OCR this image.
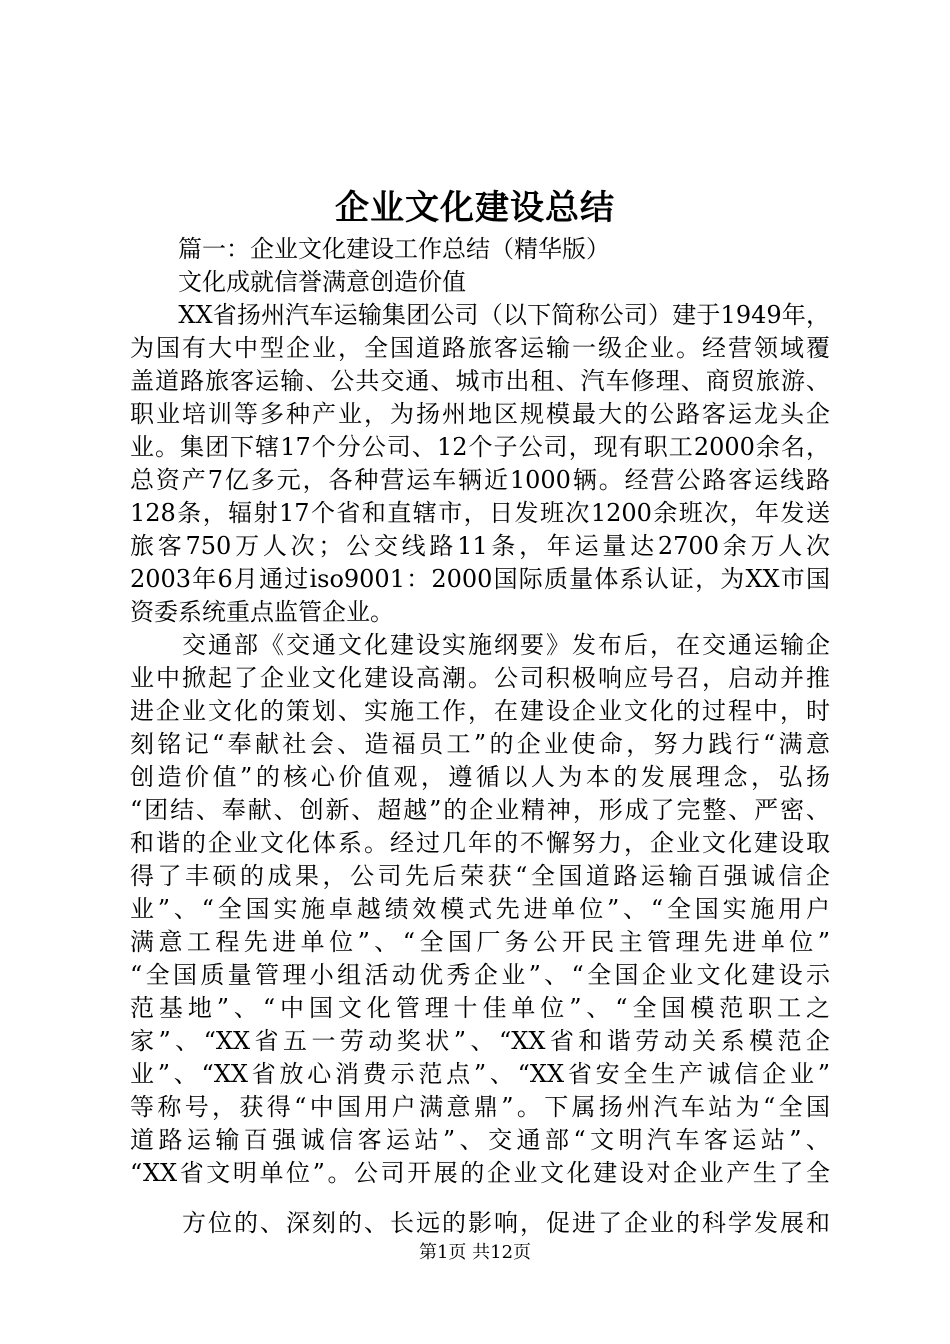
企业文化建设总结
　　篇一：企业文化建设工作总结（精华版）
　　文化成就信誉满意创造价值
　　XX省扬州汽车运输集团公司（以下简称公司）建于1949年，
为国有大中型企业，全国道路旅客运输一级企业。经营领域覆
盖道路旅客运输、公共交通、城市出租、汽车修理、商贸旅游、
职业培训等多种产业，为扬州地区规模最大的公路客运龙头企
业。集团下辖17个分公司、12个子公司，现有职工2000余名，
总资产7亿多元，各种营运车辆近1000辆。经营公路客运线路
128条，辐射17个省和直辖市，日发班次1200余班次，年发送
旅客750万人次；公交线路11条，年运量达2700余万人次
2003年6月通过iso9001：2000国际质量体系认证，为XX市国
资委系统重点监管企业。
　　交通部《交通文化建设实施纲要》发布后，在交通运输企
业中掀起了企业文化建设高潮。公司积极响应号召，启动并推
进企业文化的策划、实施工作，在建设企业文化的过程中，时
刻铭记“奉献社会、造福员工”的企业使命，努力践行“满意
创造价值”的核心价值观，遵循以人为本的发展理念，弘扬
“团结、奉献、创新、超越”的企业精神，形成了完整、严密、
和谐的企业文化体系。经过几年的不懈努力，企业文化建设取
得了丰硕的成果，公司先后荣获“全国道路运输百强诚信企
业”、“全国实施卓越绩效模式先进单位”、“全国实施用户
满意工程先进单位”、“全国厂务公开民主管理先进单位”
“全国质量管理小组活动优秀企业”、“全国企业文化建设示
范基地”、“中国文化管理十佳单位”、“全国模范职工之
家”、“XX省五一劳动奖状”、“XX省和谐劳动关系模范企
业”、“XX省放心消费示范点”、“XX省安全生产诚信企业”
等称号，获得“中国用户满意鼎”。下属扬州汽车站为“全国
道路运输百强诚信客运站”、交通部“文明汽车客运站”、
“XX省文明单位”。公司开展的企业文化建设对企业产生了全
　　方位的、深刻的、长远的影响，促进了企业的科学发展和
第1页 共12页
